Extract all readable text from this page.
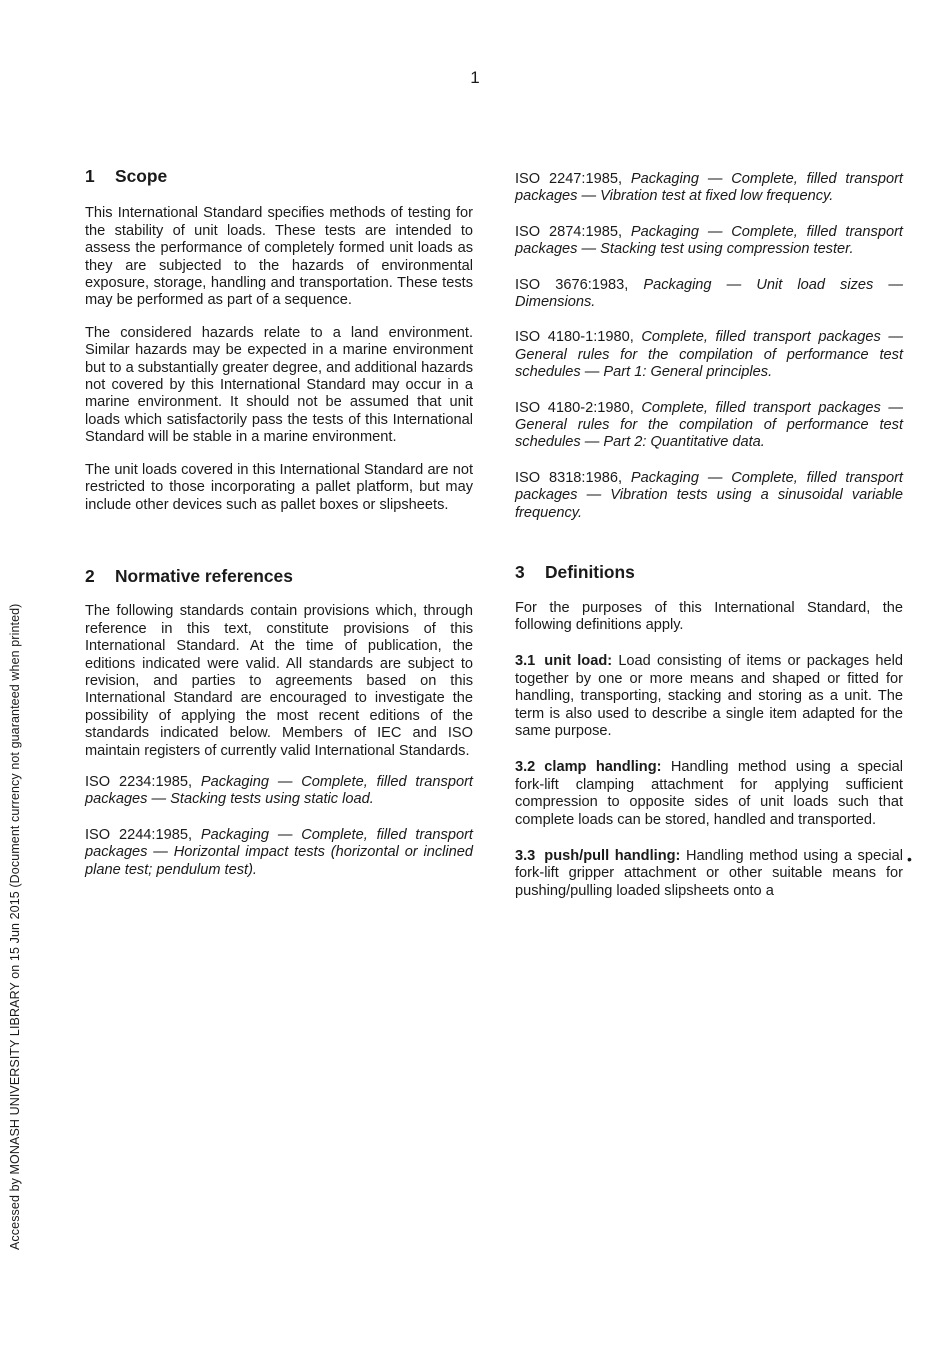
1
Accessed by MONASH UNIVERSITY LIBRARY on 15 Jun 2015 (Document currency not guaranteed when printed)
1	Scope

This International Standard specifies methods of testing for the stability of unit loads. These tests are intended to assess the performance of completely formed unit loads as they are subjected to the hazards of environmental exposure, storage, handling and transportation. These tests may be performed as part of a sequence.

The considered hazards relate to a land environment. Similar hazards may be expected in a marine environment but to a substantially greater degree, and additional hazards not covered by this International Standard may occur in a marine environment. It should not be assumed that unit loads which satisfactorily pass the tests of this International Standard will be stable in a marine environment.

The unit loads covered in this International Standard are not restricted to those incorporating a pallet platform, but may include other devices such as pallet boxes or slipsheets.

2	Normative references

The following standards contain provisions which, through reference in this text, constitute provisions of this International Standard. At the time of publication, the editions indicated were valid. All standards are subject to revision, and parties to agreements based on this International Standard are encouraged to investigate the possibility of applying the most recent editions of the standards indicated below. Members of IEC and ISO maintain registers of currently valid International Standards.

ISO 2234:1985, Packaging — Complete, filled transport packages — Stacking tests using static load.

ISO 2244:1985, Packaging — Complete, filled transport packages — Horizontal impact tests (horizontal or inclined plane test; pendulum test).

ISO 2247:1985, Packaging — Complete, filled transport packages — Vibration test at fixed low frequency.

ISO 2874:1985, Packaging — Complete, filled transport packages — Stacking test using compression tester.

ISO 3676:1983, Packaging — Unit load sizes — Dimensions.

ISO 4180-1:1980, Complete, filled transport packages — General rules for the compilation of performance test schedules — Part 1: General principles.

ISO 4180-2:1980, Complete, filled transport packages — General rules for the compilation of performance test schedules — Part 2: Quantitative data.

ISO 8318:1986, Packaging — Complete, filled transport packages — Vibration tests using a sinusoidal variable frequency.

3	Definitions

For the purposes of this International Standard, the following definitions apply.

3.1 unit load: Load consisting of items or packages held together by one or more means and shaped or fitted for handling, transporting, stacking and storing as a unit. The term is also used to describe a single item adapted for the same purpose.

3.2 clamp handling: Handling method using a special fork-lift clamping attachment for applying sufficient compression to opposite sides of unit loads such that complete loads can be stored, handled and transported.

3.3 push/pull handling: Handling method using a special fork-lift gripper attachment or other suitable means for pushing/pulling loaded slipsheets onto a

•
